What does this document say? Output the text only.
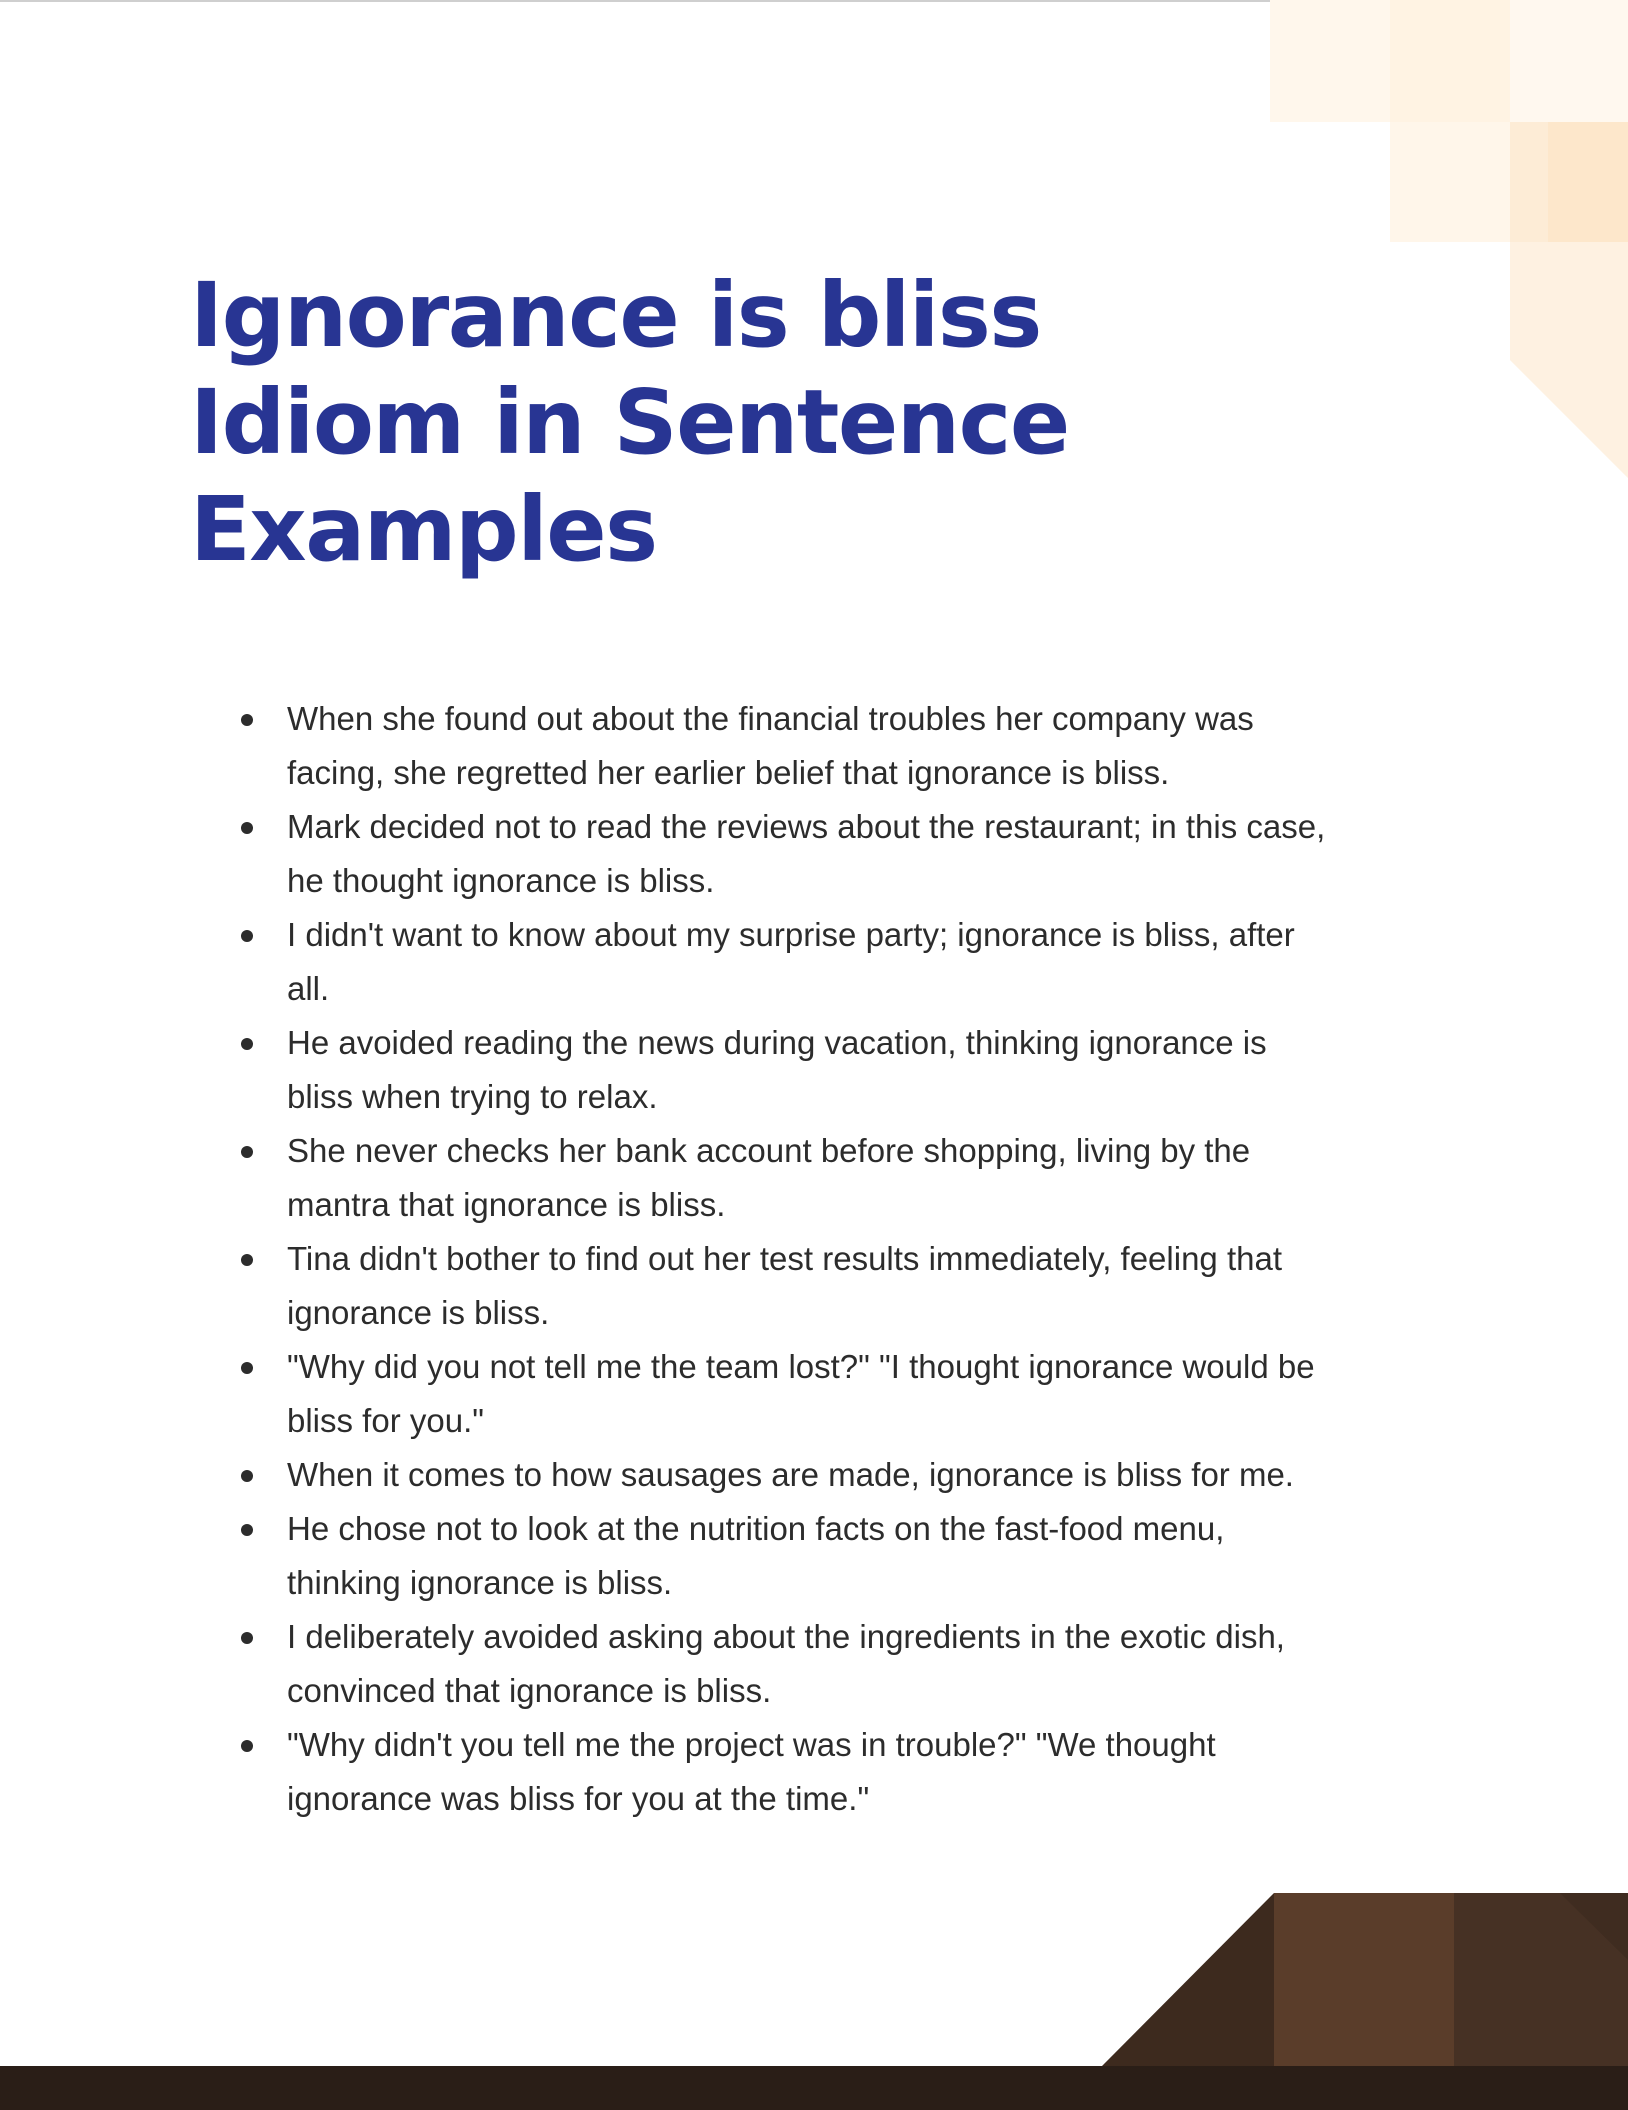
Ignorance is bliss
Idiom in Sentence
Examples
When she found out about the financial troubles her company was
facing, she regretted her earlier belief that ignorance is bliss.
Mark decided not to read the reviews about the restaurant; in this case,
he thought ignorance is bliss.
I didn't want to know about my surprise party; ignorance is bliss, after
all.
He avoided reading the news during vacation, thinking ignorance is
bliss when trying to relax.
She never checks her bank account before shopping, living by the
mantra that ignorance is bliss.
Tina didn't bother to find out her test results immediately, feeling that
ignorance is bliss.
"Why did you not tell me the team lost?" "I thought ignorance would be
bliss for you."
When it comes to how sausages are made, ignorance is bliss for me.
He chose not to look at the nutrition facts on the fast-food menu,
thinking ignorance is bliss.
I deliberately avoided asking about the ingredients in the exotic dish,
convinced that ignorance is bliss.
"Why didn't you tell me the project was in trouble?" "We thought
ignorance was bliss for you at the time."
